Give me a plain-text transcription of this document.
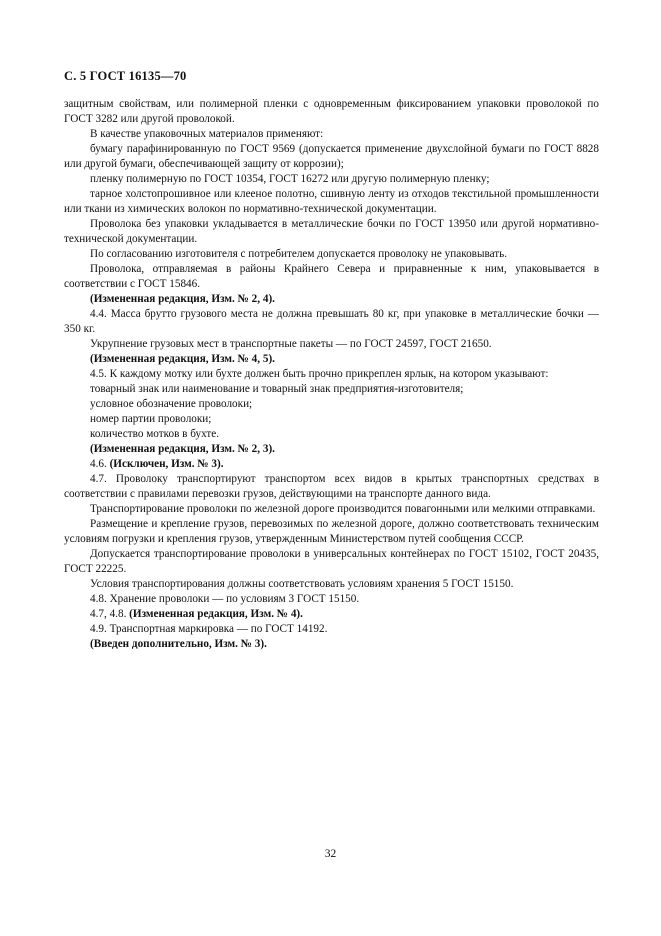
С. 5 ГОСТ 16135—70

защитным свойствам, или полимерной пленки с одновременным фиксированием упаковки проволокой по ГОСТ 3282 или другой проволокой.

В качестве упаковочных материалов применяют:

бумагу парафинированную по ГОСТ 9569 (допускается применение двухслойной бумаги по ГОСТ 8828 или другой бумаги, обеспечивающей защиту от коррозии);

пленку полимерную по ГОСТ 10354, ГОСТ 16272 или другую полимерную пленку;

тарное холстопрошивное или клееное полотно, сшивную ленту из отходов текстильной промышленности или ткани из химических волокон по нормативно-технической документации.

Проволока без упаковки укладывается в металлические бочки по ГОСТ 13950 или другой нормативно-технической документации.

По согласованию изготовителя с потребителем допускается проволоку не упаковывать.

Проволока, отправляемая в районы Крайнего Севера и приравненные к ним, упаковывается в соответствии с ГОСТ 15846.

(Измененная редакция, Изм. № 2, 4).

4.4. Масса брутто грузового места не должна превышать 80 кг, при упаковке в металлические бочки — 350 кг.

Укрупнение грузовых мест в транспортные пакеты — по ГОСТ 24597, ГОСТ 21650.

(Измененная редакция, Изм. № 4, 5).

4.5. К каждому мотку или бухте должен быть прочно прикреплен ярлык, на котором указывают:

товарный знак или наименование и товарный знак предприятия-изготовителя;

условное обозначение проволоки;

номер партии проволоки;

количество мотков в бухте.

(Измененная редакция, Изм. № 2, 3).

4.6. (Исключен, Изм. № 3).

4.7. Проволоку транспортируют транспортом всех видов в крытых транспортных средствах в соответствии с правилами перевозки грузов, действующими на транспорте данного вида.

Транспортирование проволоки по железной дороге производится повагонными или мелкими отправками.

Размещение и крепление грузов, перевозимых по железной дороге, должно соответствовать техническим условиям погрузки и крепления грузов, утвержденным Министерством путей сообщения СССР.

Допускается транспортирование проволоки в универсальных контейнерах по ГОСТ 15102, ГОСТ 20435, ГОСТ 22225.

Условия транспортирования должны соответствовать условиям хранения 5 ГОСТ 15150.

4.8. Хранение проволоки — по условиям 3 ГОСТ 15150.

4.7, 4.8. (Измененная редакция, Изм. № 4).

4.9. Транспортная маркировка — по ГОСТ 14192.

(Введен дополнительно, Изм. № 3).

32
